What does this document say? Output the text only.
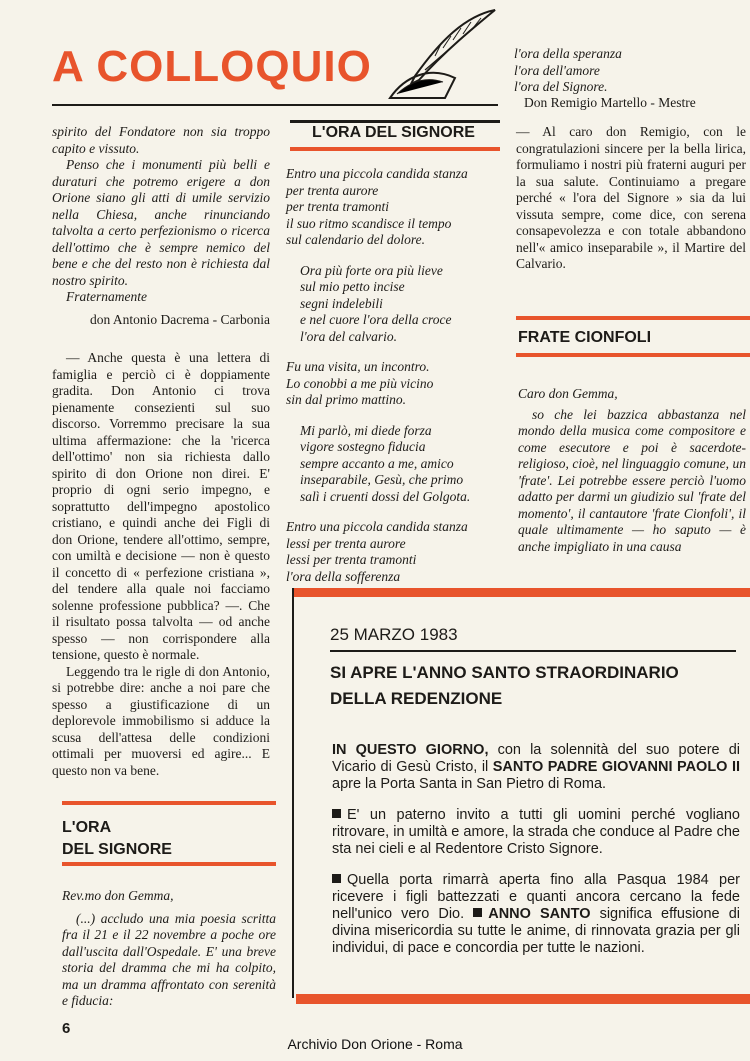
A COLLOQUIO	l'ora della speranza

l'ora dell'amore

l'ora del Signore.

Don Remigio Martello - Mestre

spirito del Fondatore non sia troppo capito e vissuto.

Penso che i monumenti più belli e duraturi che potremo erigere a don Orione siano gli atti di umile servizio nella Chiesa, anche rinunciando talvolta a certo perfezionismo o ricerca dell'ottimo che è sempre nemico del bene e che del resto non è richiesta dal nostro spirito.

Fraternamente

don Antonio Dacrema - Carbonia

— Anche questa è una lettera di famiglia e perciò ci è doppiamente gradita. Don Antonio ci trova pienamente consezienti sul suo discorso. Vorremmo precisare la sua ultima affermazione: che la 'ricerca dell'ottimo' non sia richiesta dallo spirito di don Orione non direi. E' proprio di ogni serio impegno, e soprattutto dell'impegno apostolico cristiano, e quindi anche dei Figli di don Orione, tendere all'ottimo, sempre, con umiltà e decisione — non è questo il concetto di « perfezione cristiana », del tendere alla quale noi facciamo solenne professione pubblica? —. Che il risultato possa talvolta — od anche spesso — non corrispondere alla tensione, questo è normale.

Leggendo tra le rigle di don Antonio, si potrebbe dire: anche a noi pare che spesso a giustificazione di un deplorevole immobilismo si adduce la scusa dell'attesa delle condizioni ottimali per muoversi ed agire... E questo non va bene.

L'ORA
DEL SIGNORE

Rev.mo don Gemma,

(...) accludo una mia poesia scritta fra il 21 e il 22 novembre a poche ore dall'uscita dall'Ospedale. E' una breve storia del dramma che mi ha colpito, ma un dramma affrontato con serenità e fiducia:

6
L'ORA DEL SIGNORE

Entro una piccola candida stanza

per trenta aurore

per trenta tramonti

il suo ritmo scandisce il tempo

sul calendario del dolore.

Ora più forte ora più lieve

sul mio petto incise

segni indelebili

e nel cuore l'ora della croce

l'ora del calvario.

Fu una visita, un incontro.

Lo conobbi a me più vicino

sin dal primo mattino.

Mi parlò, mi diede forza

vigore sostegno fiducia

sempre accanto a me, amico

inseparabile, Gesù, che primo

salì i cruenti dossi del Golgota.

Entro una piccola candida stanza

lessi per trenta aurore

lessi per trenta tramonti

l'ora della sofferenza

— Al caro don Remigio, con le congratulazioni sincere per la bella lirica, formuliamo i nostri più fraterni auguri per la sua salute. Continuiamo a pregare perché « l'ora del Signore » sia da lui vissuta sempre, come dice, con serena consapevolezza e con totale abbandono nell'« amico inseparabile », il Martire del Calvario.

FRATE CIONFOLI

Caro don Gemma,

so che lei bazzica abbastanza nel mondo della musica come compositore e come esecutore e poi è sacerdote-religioso, cioè, nel linguaggio comune, un 'frate'. Lei potrebbe essere perciò l'uomo adatto per darmi un giudizio sul 'frate del momento', il cantautore 'frate Cionfoli', il quale ultimamente — ho saputo — è anche impigliato in una causa

25 MARZO 1983
SI APRE L'ANNO SANTO STRAORDINARIO
DELLA REDENZIONE

IN QUESTO GIORNO, con la solennità del suo potere di Vicario di Gesù Cristo, il SANTO PADRE GIOVANNI PAOLO II apre la Porta Santa in San Pietro di Roma.

E' un paterno invito a tutti gli uomini perché vogliano ritrovare, in umiltà e amore, la strada che conduce al Padre che sta nei cieli e al Redentore Cristo Signore.

Quella porta rimarrà aperta fino alla Pasqua 1984 per ricevere i figli battezzati e quanti ancora cercano la fede nell'unico vero Dio. ANNO SANTO significa effusione di divina misericordia su tutte le anime, di rinnovata grazia per gli individui, di pace e concordia per tutte le nazioni.

Archivio Don Orione - Roma
